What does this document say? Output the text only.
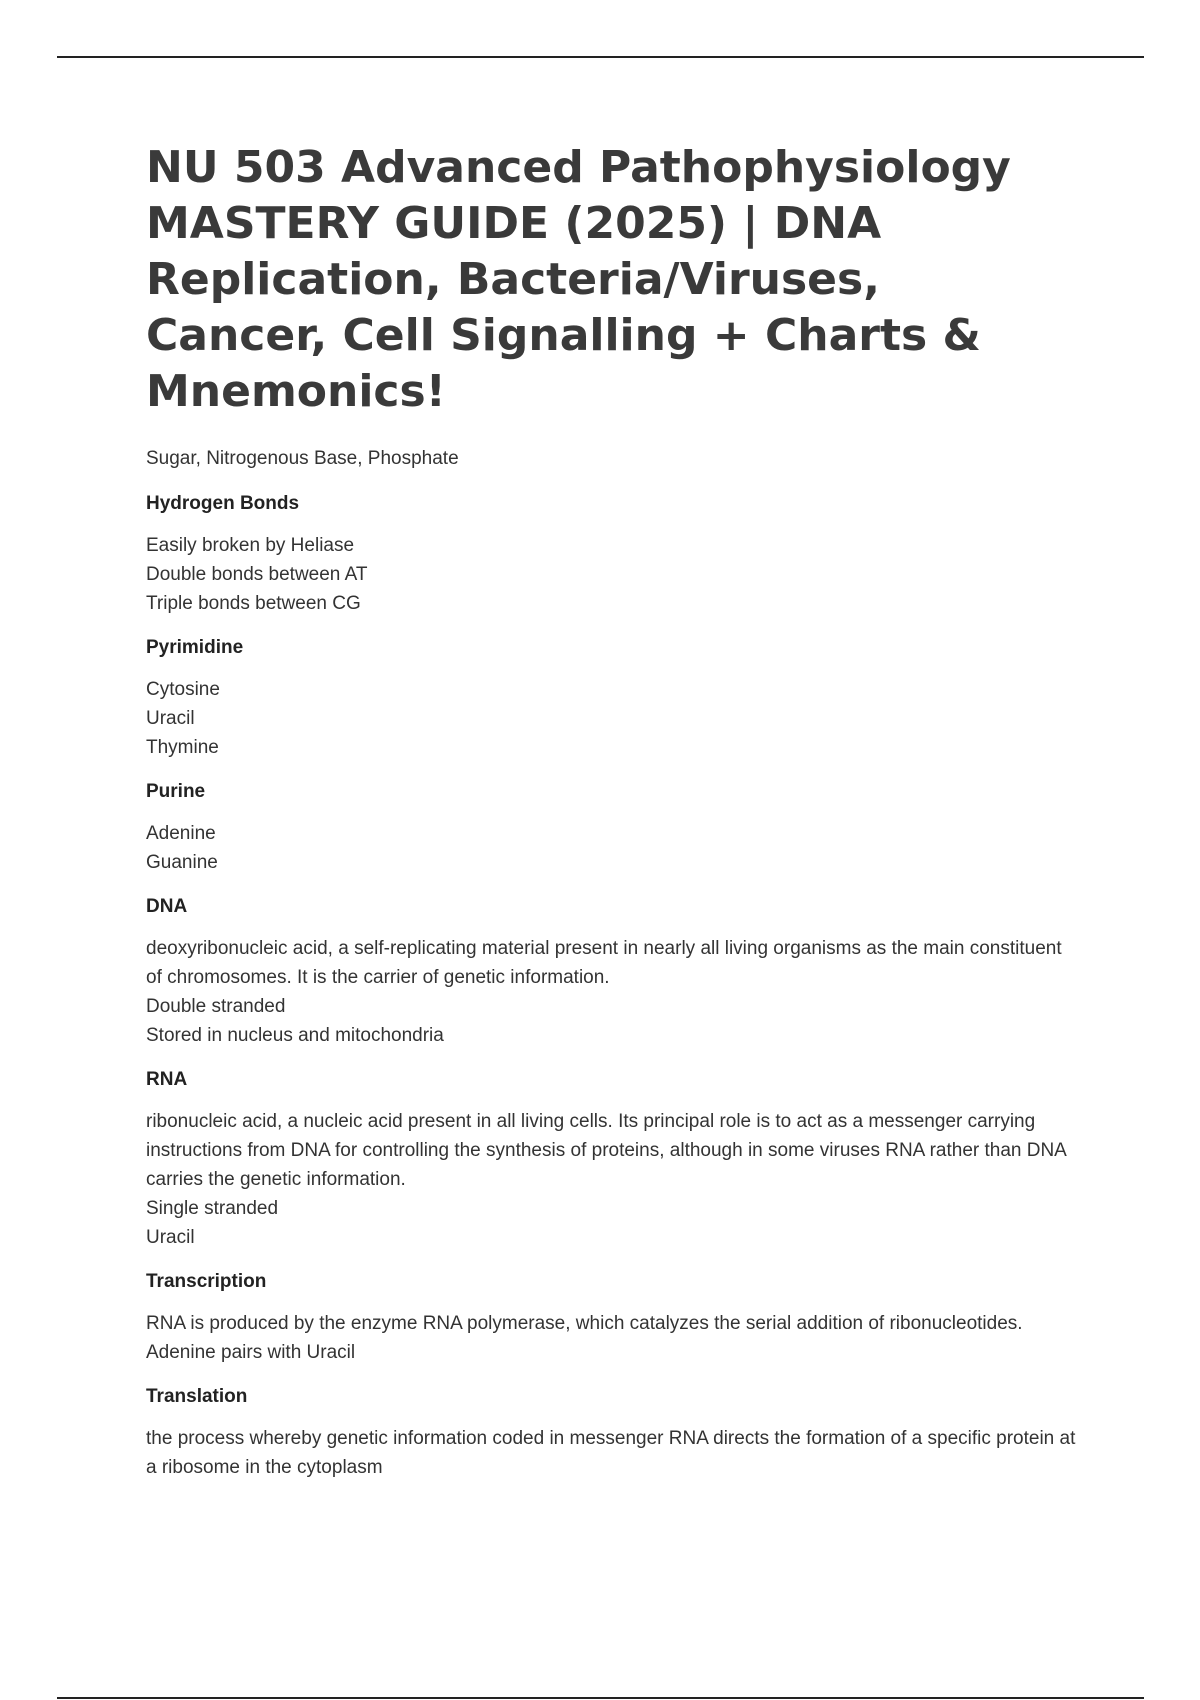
NU 503 Advanced Pathophysiology MASTERY GUIDE (2025) | DNA Replication, Bacteria/Viruses, Cancer, Cell Signalling + Charts & Mnemonics!

Sugar, Nitrogenous Base, Phosphate

Hydrogen Bonds

Easily broken by Heliase
Double bonds between AT
Triple bonds between CG

Pyrimidine

Cytosine
Uracil
Thymine

Purine

Adenine
Guanine

DNA

deoxyribonucleic acid, a self-replicating material present in nearly all living organisms as the main constituent of chromosomes. It is the carrier of genetic information.
Double stranded
Stored in nucleus and mitochondria

RNA

ribonucleic acid, a nucleic acid present in all living cells. Its principal role is to act as a messenger carrying instructions from DNA for controlling the synthesis of proteins, although in some viruses RNA rather than DNA carries the genetic information.
Single stranded
Uracil

Transcription

RNA is produced by the enzyme RNA polymerase, which catalyzes the serial addition of ribonucleotides. Adenine pairs with Uracil

Translation

the process whereby genetic information coded in messenger RNA directs the formation of a specific protein at a ribosome in the cytoplasm
